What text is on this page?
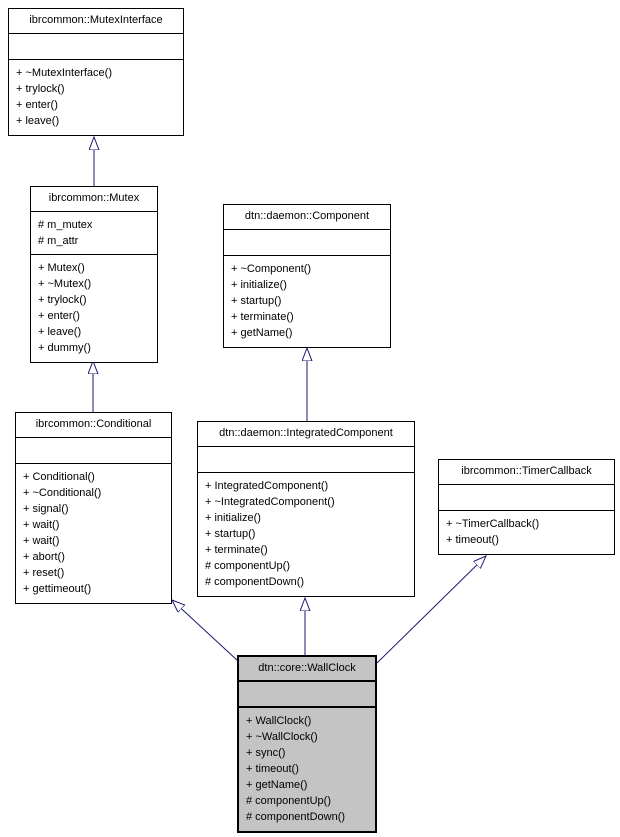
ibrcommon::MutexInterface
+ ~MutexInterface()
+ trylock()
+ enter()
+ leave()
ibrcommon::Mutex
# m_mutex
# m_attr
+ Mutex()
+ ~Mutex()
+ trylock()
+ enter()
+ leave()
+ dummy()
dtn::daemon::Component
+ ~Component()
+ initialize()
+ startup()
+ terminate()
+ getName()
ibrcommon::Conditional
+ Conditional()
+ ~Conditional()
+ signal()
+ wait()
+ wait()
+ abort()
+ reset()
+ gettimeout()
dtn::daemon::IntegratedComponent
+ IntegratedComponent()
+ ~IntegratedComponent()
+ initialize()
+ startup()
+ terminate()
# componentUp()
# componentDown()
ibrcommon::TimerCallback
+ ~TimerCallback()
+ timeout()
dtn::core::WallClock
+ WallClock()
+ ~WallClock()
+ sync()
+ timeout()
+ getName()
# componentUp()
# componentDown()
